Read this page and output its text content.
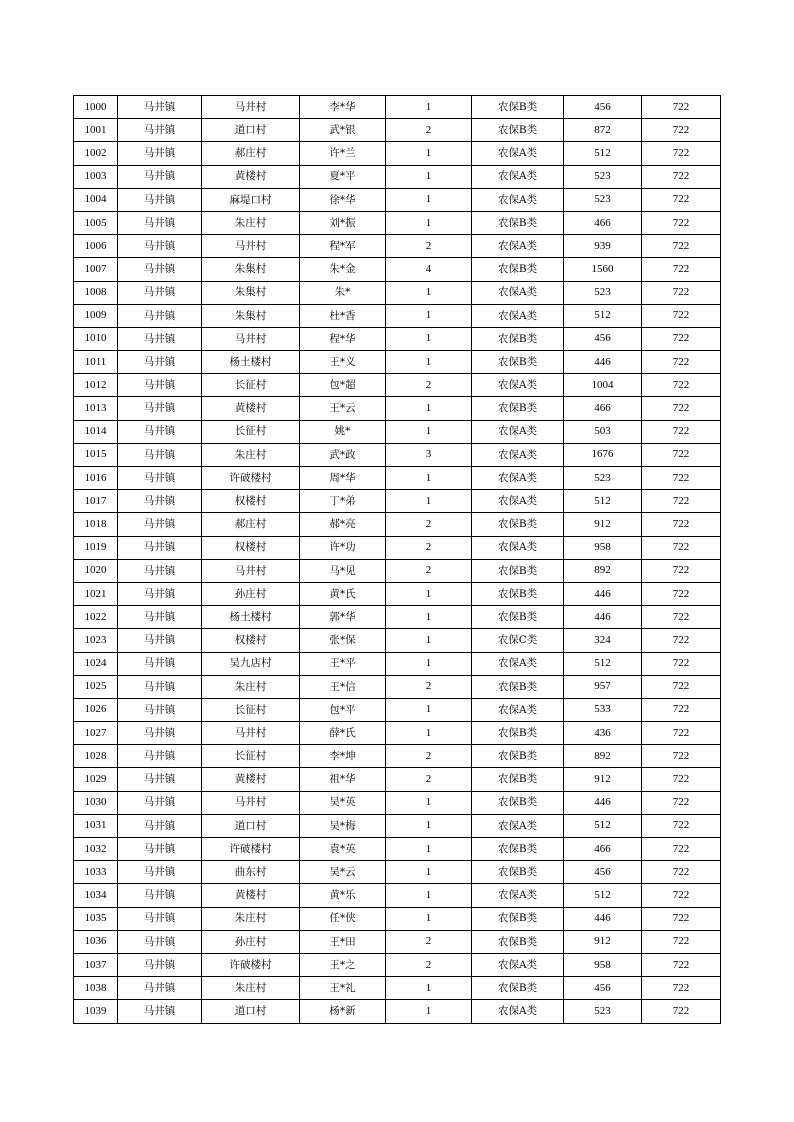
1000	马井镇	马井村	李*华	1	农保B类	456	722
1001	马井镇	道口村	武*银	2	农保B类	872	722
1002	马井镇	郝庄村	许*兰	1	农保A类	512	722
1003	马井镇	黄楼村	夏*平	1	农保A类	523	722
1004	马井镇	麻堤口村	徐*华	1	农保A类	523	722
1005	马井镇	朱庄村	刘*振	1	农保B类	466	722
1006	马井镇	马井村	程*军	2	农保A类	939	722
1007	马井镇	朱集村	朱*金	4	农保B类	1560	722
1008	马井镇	朱集村	朱*	1	农保A类	523	722
1009	马井镇	朱集村	杜*香	1	农保A类	512	722
1010	马井镇	马井村	程*华	1	农保B类	456	722
1011	马井镇	杨土楼村	王*义	1	农保B类	446	722
1012	马井镇	长征村	包*超	2	农保A类	1004	722
1013	马井镇	黄楼村	王*云	1	农保B类	466	722
1014	马井镇	长征村	姚*	1	农保A类	503	722
1015	马井镇	朱庄村	武*政	3	农保A类	1676	722
1016	马井镇	许破楼村	周*华	1	农保A类	523	722
1017	马井镇	权楼村	丁*弟	1	农保A类	512	722
1018	马井镇	郝庄村	郝*亮	2	农保B类	912	722
1019	马井镇	权楼村	许*功	2	农保A类	958	722
1020	马井镇	马井村	马*见	2	农保B类	892	722
1021	马井镇	孙庄村	黄*氏	1	农保B类	446	722
1022	马井镇	杨土楼村	郭*华	1	农保B类	446	722
1023	马井镇	权楼村	张*保	1	农保C类	324	722
1024	马井镇	吴九店村	王*平	1	农保A类	512	722
1025	马井镇	朱庄村	王*信	2	农保B类	957	722
1026	马井镇	长征村	包*平	1	农保A类	533	722
1027	马井镇	马井村	薛*氏	1	农保B类	436	722
1028	马井镇	长征村	李*坤	2	农保B类	892	722
1029	马井镇	黄楼村	祖*华	2	农保B类	912	722
1030	马井镇	马井村	吴*英	1	农保B类	446	722
1031	马井镇	道口村	吴*梅	1	农保A类	512	722
1032	马井镇	许破楼村	袁*英	1	农保B类	466	722
1033	马井镇	曲东村	吴*云	1	农保B类	456	722
1034	马井镇	黄楼村	黄*乐	1	农保A类	512	722
1035	马井镇	朱庄村	任*侠	1	农保B类	446	722
1036	马井镇	孙庄村	王*田	2	农保B类	912	722
1037	马井镇	许破楼村	王*之	2	农保A类	958	722
1038	马井镇	朱庄村	王*礼	1	农保B类	456	722
1039	马井镇	道口村	杨*新	1	农保A类	523	722
